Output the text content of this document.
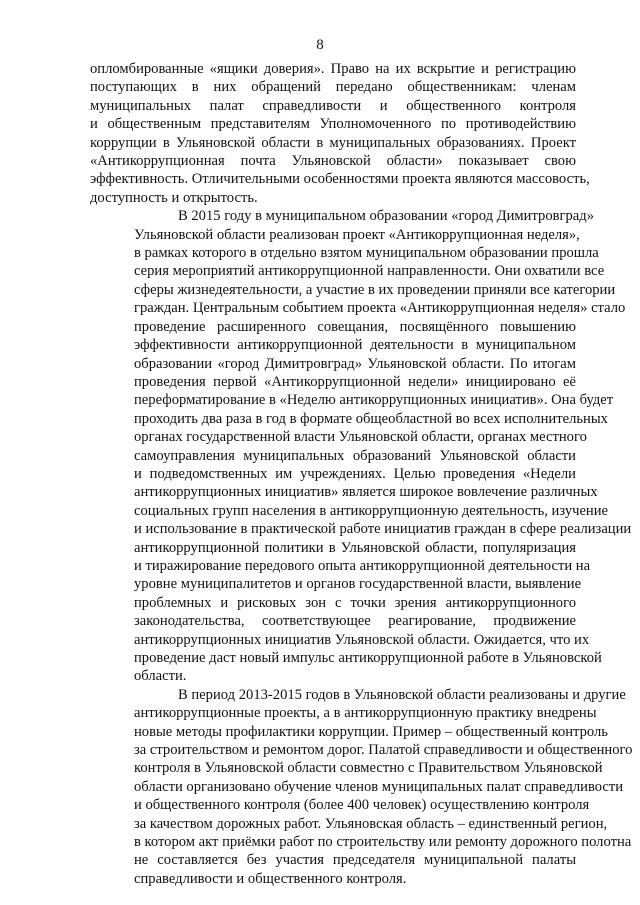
8
опломбированные «ящики доверия». Право на их вскрытие и регистрацию
поступающих в них обращений передано общественникам: членам
муниципальных палат справедливости и общественного контроля
и общественным представителям Уполномоченного по противодействию
коррупции в Ульяновской области в муниципальных образованиях. Проект
«Антикоррупционная почта Ульяновской области» показывает свою
эффективность. Отличительными особенностями проекта являются массовость,
доступность и открытость.
В 2015 году в муниципальном образовании «город Димитровград»
Ульяновской области реализован проект «Антикоррупционная неделя»,
в рамках которого в отдельно взятом муниципальном образовании прошла
серия мероприятий антикоррупционной направленности. Они охватили все
сферы жизнедеятельности, а участие в их проведении приняли все категории
граждан. Центральным событием проекта «Антикоррупционная неделя» стало
проведение расширенного совещания, посвящённого повышению
эффективности антикоррупционной деятельности в муниципальном
образовании «город Димитровград» Ульяновской области. По итогам
проведения первой «Антикоррупционной недели» инициировано её
переформатирование в «Неделю антикоррупционных инициатив». Она будет
проходить два раза в год в формате общеобластной во всех исполнительных
органах государственной власти Ульяновской области, органах местного
самоуправления муниципальных образований Ульяновской области
и подведомственных им учреждениях. Целью проведения «Недели
антикоррупционных инициатив» является широкое вовлечение различных
социальных групп населения в антикоррупционную деятельность, изучение
и использование в практической работе инициатив граждан в сфере реализации
антикоррупционной политики в Ульяновской области, популяризация
и тиражирование передового опыта антикоррупционной деятельности на
уровне муниципалитетов и органов государственной власти, выявление
проблемных и рисковых зон с точки зрения антикоррупционного
законодательства, соответствующее реагирование, продвижение
антикоррупционных инициатив Ульяновской области. Ожидается, что их
проведение даст новый импульс антикоррупционной работе в Ульяновской
области.
В период 2013-2015 годов в Ульяновской области реализованы и другие
антикоррупционные проекты, а в антикоррупционную практику внедрены
новые методы профилактики коррупции. Пример – общественный контроль
за строительством и ремонтом дорог. Палатой справедливости и общественного
контроля в Ульяновской области совместно с Правительством Ульяновской
области организовано обучение членов муниципальных палат справедливости
и общественного контроля (более 400 человек) осуществлению контроля
за качеством дорожных работ. Ульяновская область – единственный регион,
в котором акт приёмки работ по строительству или ремонту дорожного полотна
не составляется без участия председателя муниципальной палаты
справедливости и общественного контроля.
